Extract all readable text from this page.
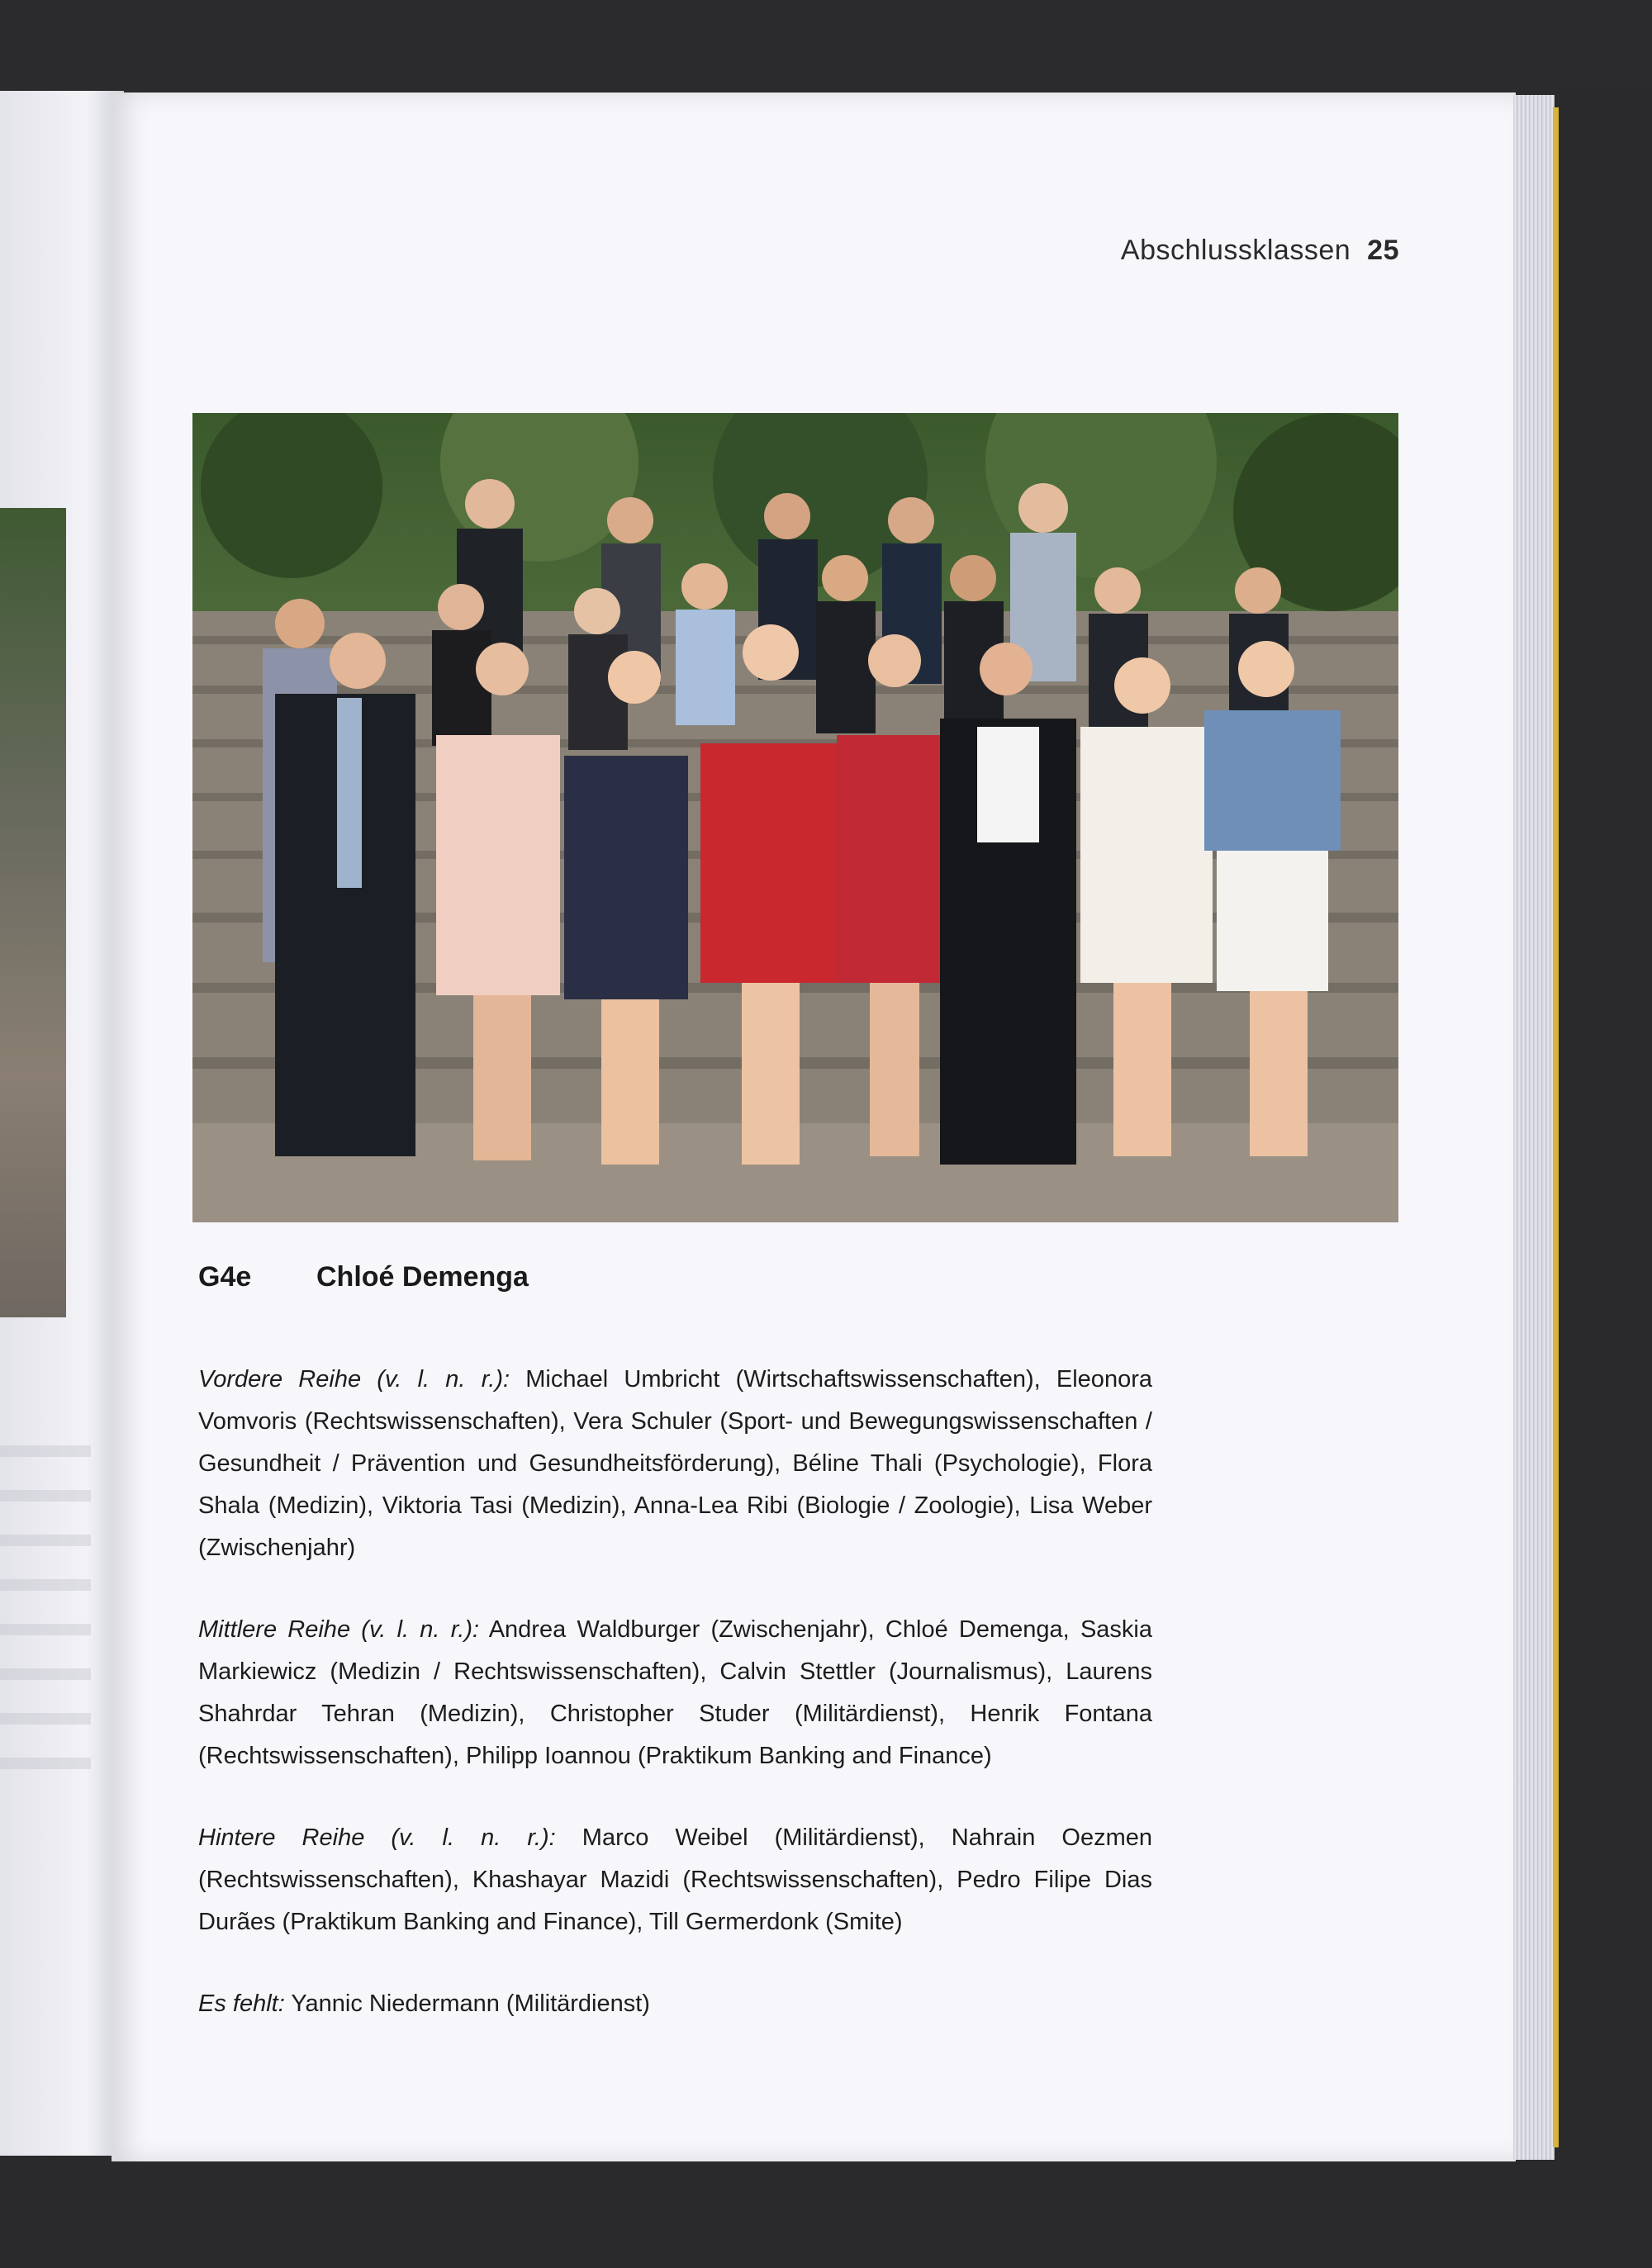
Abschlussklassen 25
G4e Chloé Demenga

Vordere Reihe (v. l. n. r.): Michael Umbricht (Wirtschaftswissenschaften), Eleonora Vomvoris (Rechtswissenschaften), Vera Schuler (Sport- und Bewegungswissenschaften / Gesundheit / Prävention und Gesundheitsförderung), Béline Thali (Psychologie), Flora Shala (Medizin), Viktoria Tasi (Medizin), Anna-Lea Ribi (Biologie / Zoologie), Lisa Weber (Zwischenjahr)

Mittlere Reihe (v. l. n. r.): Andrea Waldburger (Zwischenjahr), Chloé Demenga, Saskia Markiewicz (Medizin / Rechtswissenschaften), Calvin Stettler (Journalismus), Laurens Shahrdar Tehran (Medizin), Christopher Studer (Militärdienst), Henrik Fontana (Rechtswissenschaften), Philipp Ioannou (Praktikum Banking and Finance)

Hintere Reihe (v. l. n. r.): Marco Weibel (Militärdienst), Nahrain Oezmen (Rechtswissenschaften), Khashayar Mazidi (Rechtswissenschaften), Pedro Filipe Dias Durães (Praktikum Banking and Finance), Till Germerdonk (Smite)

Es fehlt: Yannic Niedermann (Militärdienst)
